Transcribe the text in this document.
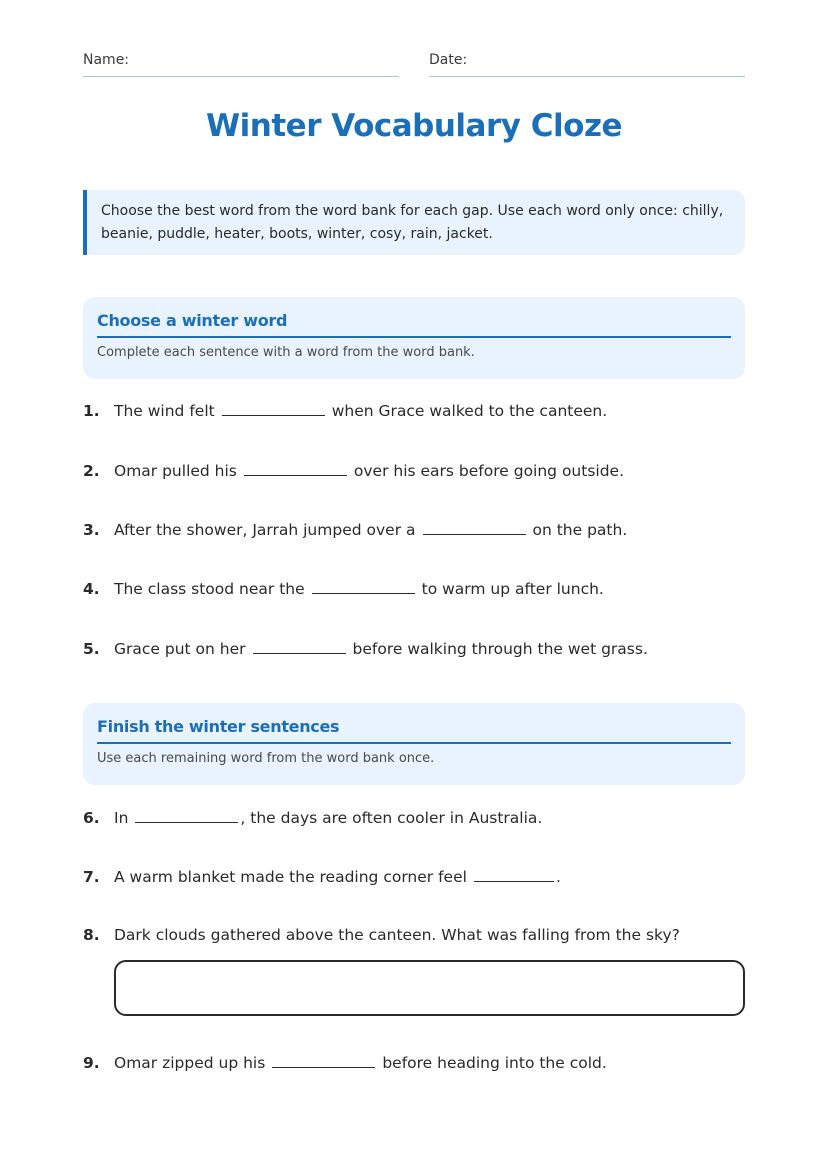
Name:	Date:
Winter Vocabulary Cloze
Choose the best word from the word bank for each gap. Use each word only once: chilly, beanie, puddle, heater, boots, winter, cosy, rain, jacket.
Choose a winter word
Complete each sentence with a word from the word bank.
1. The wind felt	when Grace walked to the canteen.
2. Omar pulled his	over his ears before going outside.
3. After the shower, Jarrah jumped over a	on the path.
4. The class stood near the	to warm up after lunch.
5. Grace put on her	before walking through the wet grass.
Finish the winter sentences
Use each remaining word from the word bank once.
6. In	, the days are often cooler in Australia.
7. A warm blanket made the reading corner feel	.
8. Dark clouds gathered above the canteen. What was falling from the sky?
9. Omar zipped up his	before heading into the cold.
